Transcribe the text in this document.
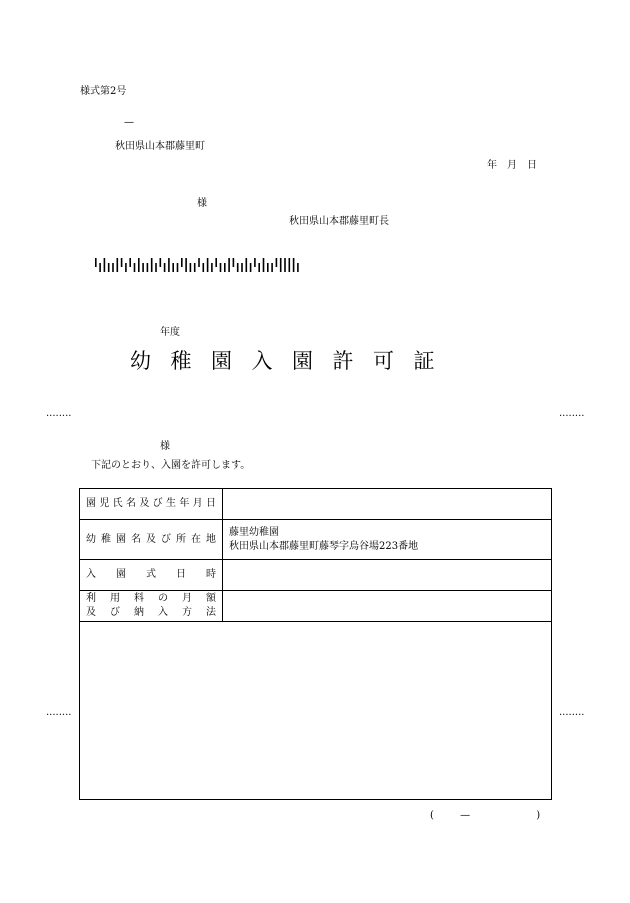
様式第2号
—
秋田県山本郡藤里町
年　月　日
様
秋田県山本郡藤里町長
年度
幼 稚 園 入 園 許 可 証
........	........
........	........
様
下記のとおり、入園を許可します。
園児氏名及び生年月日	

幼稚園名及び所在地	藤里幼稚園
秋田県山本郡藤里町藤琴字烏谷場223番地

入園式日時	

利用料の月額
及び納入方法	

(	—	)
